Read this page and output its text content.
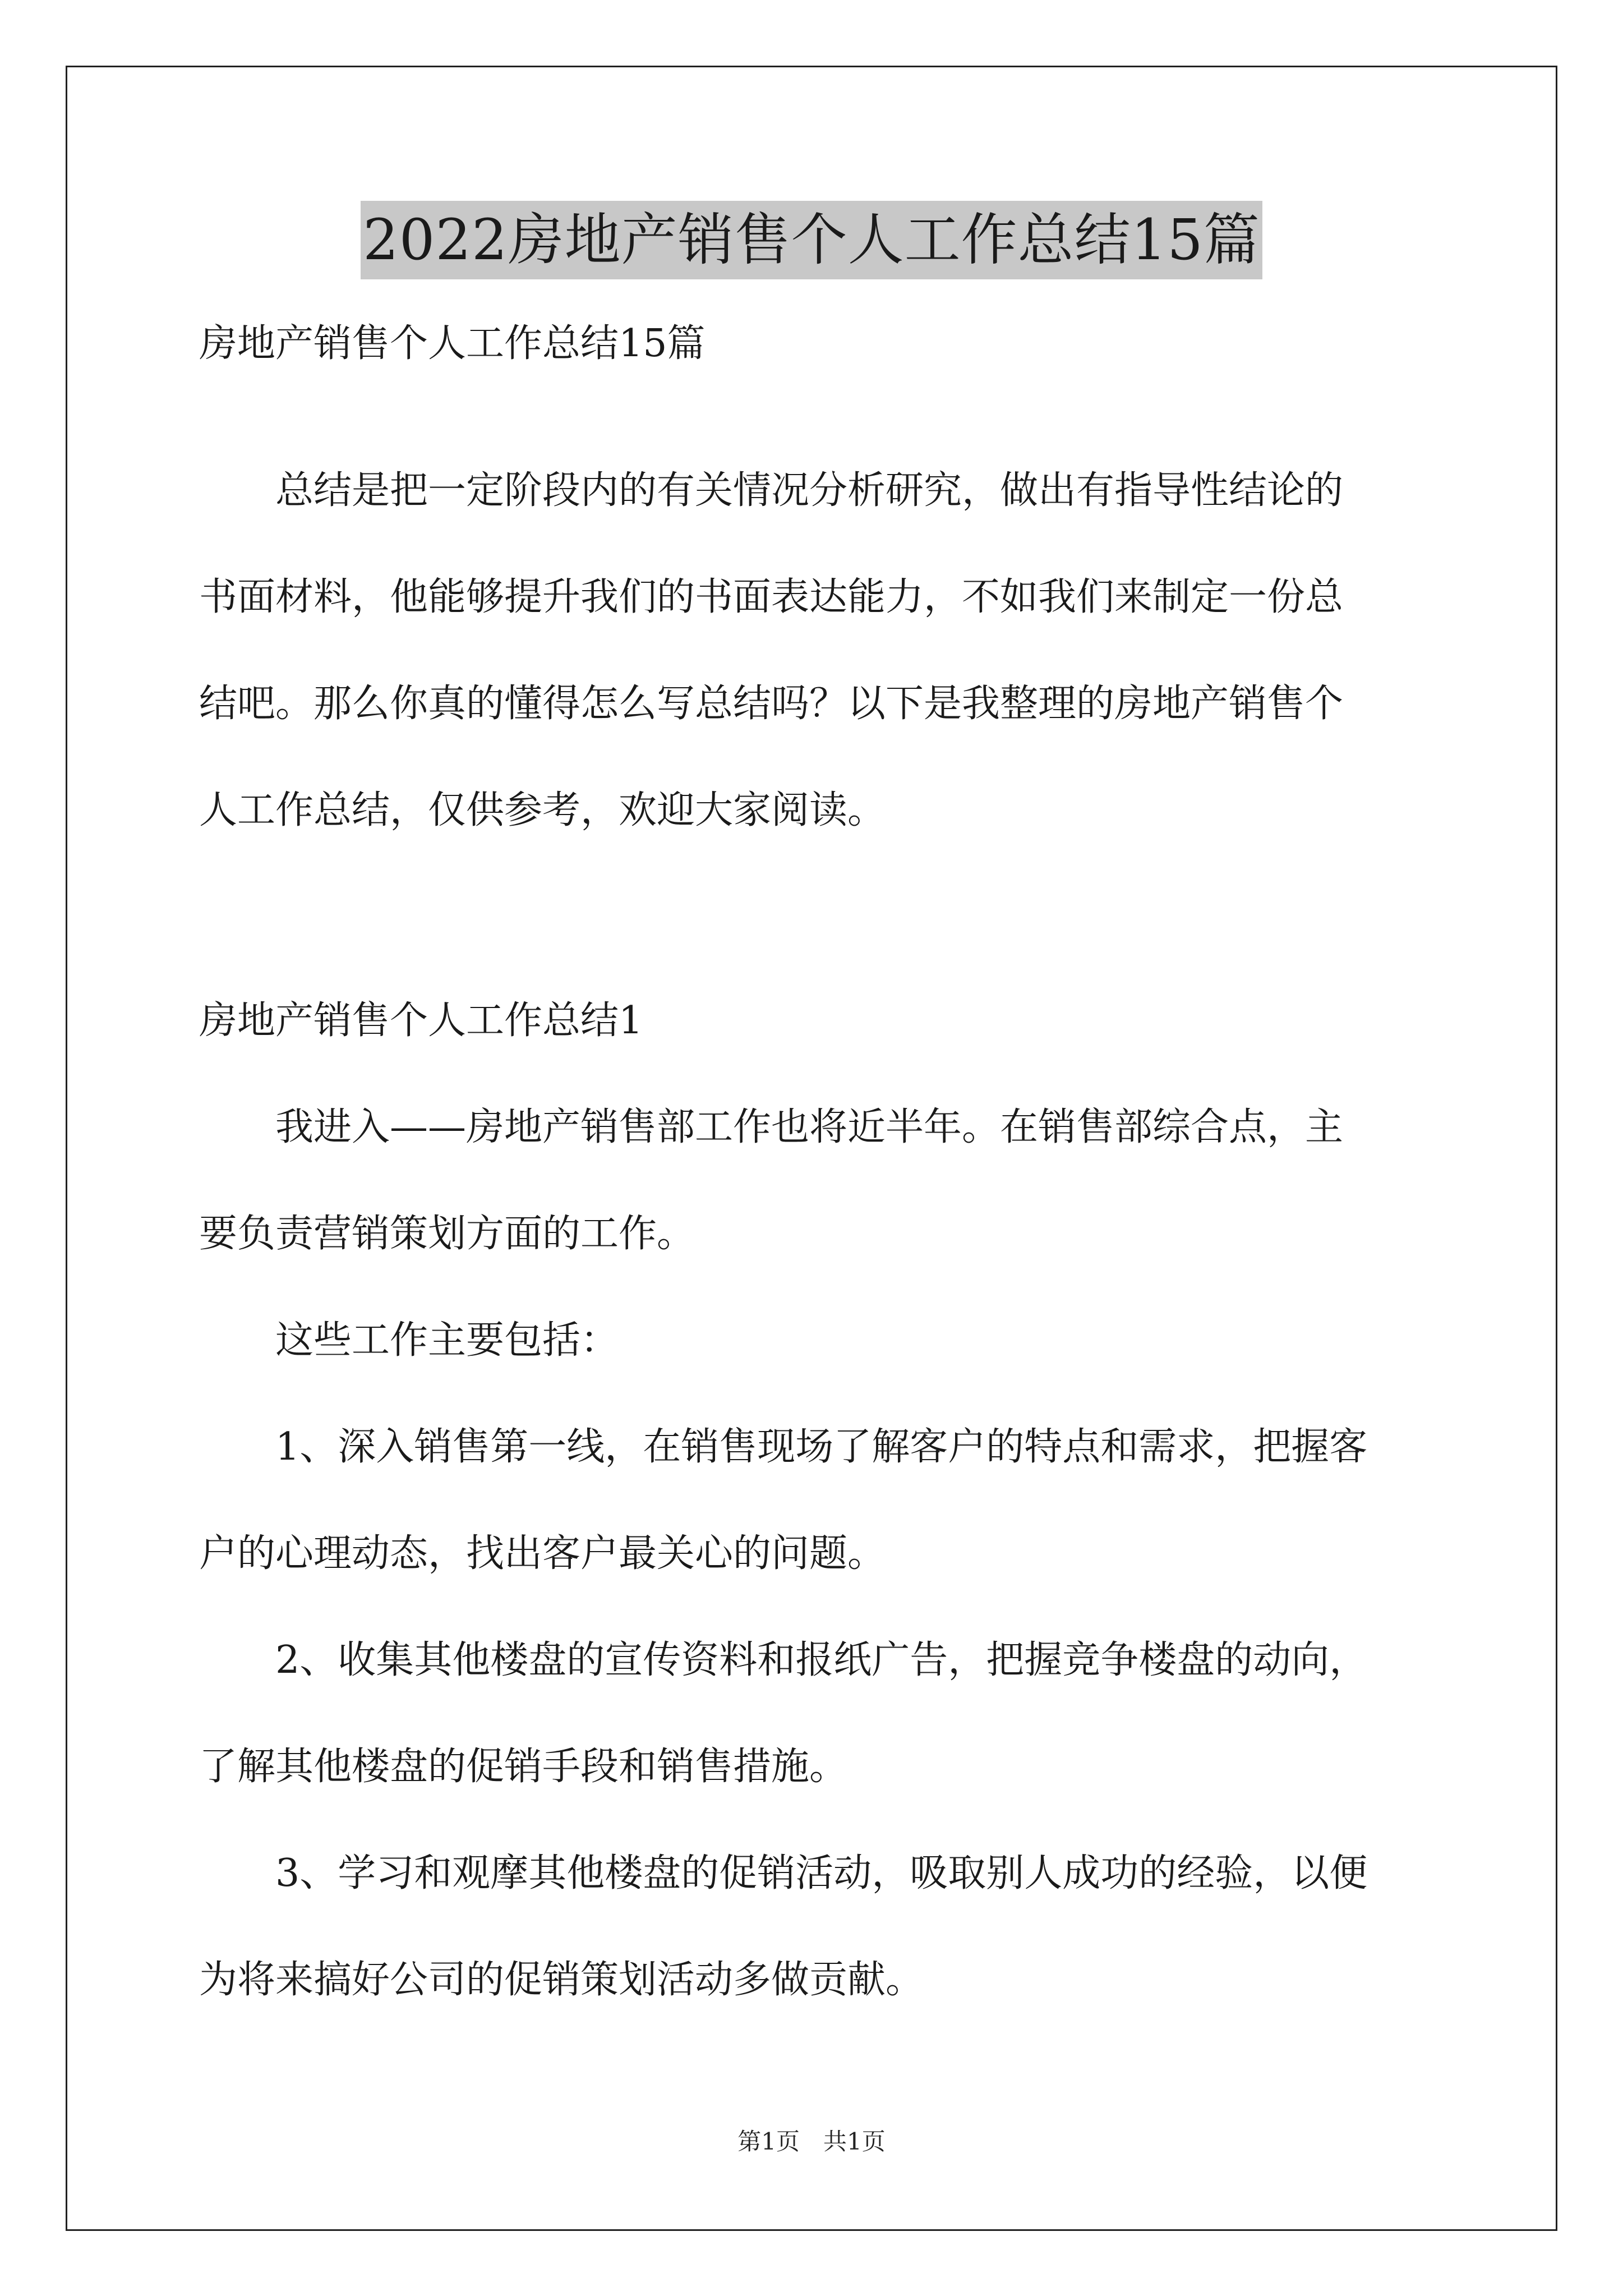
2022房地产销售个人工作总结15篇
房地产销售个人工作总结15篇
　　总结是把一定阶段内的有关情况分析研究，做出有指导性结论的
书面材料，他能够提升我们的书面表达能力，不如我们来制定一份总
结吧。那么你真的懂得怎么写总结吗？以下是我整理的房地产销售个
人工作总结，仅供参考，欢迎大家阅读。
房地产销售个人工作总结1
　　我进入——房地产销售部工作也将近半年。在销售部综合点，主
要负责营销策划方面的工作。
　　这些工作主要包括：
　　1、深入销售第一线，在销售现场了解客户的特点和需求，把握客
户的心理动态，找出客户最关心的问题。
　　2、收集其他楼盘的宣传资料和报纸广告，把握竞争楼盘的动向，
了解其他楼盘的促销手段和销售措施。
　　3、学习和观摩其他楼盘的促销活动，吸取别人成功的经验，以便
为将来搞好公司的促销策划活动多做贡献。
第1页　共1页
